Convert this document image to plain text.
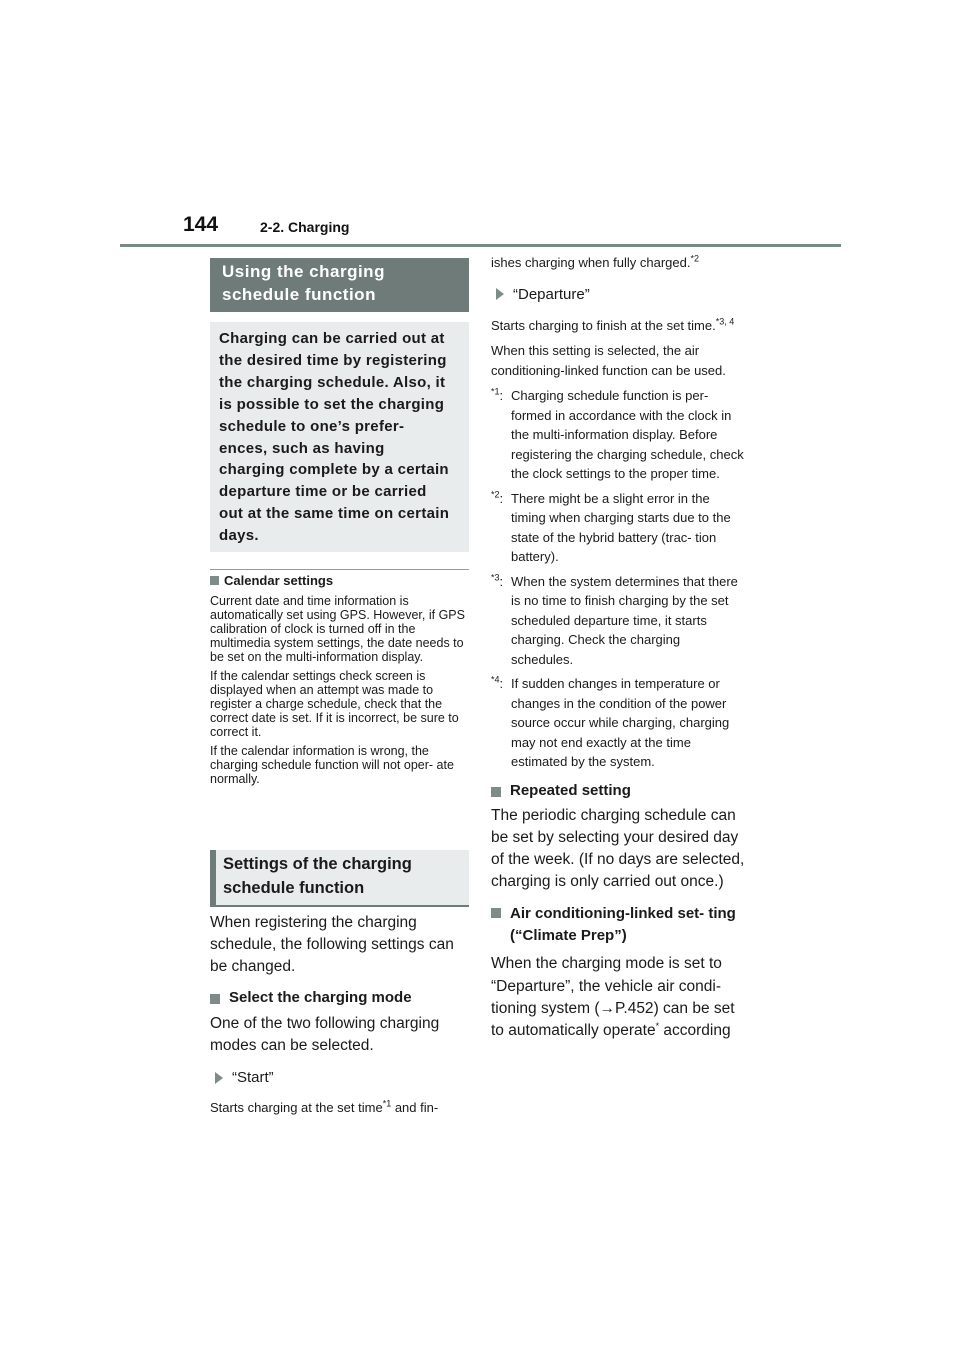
144	2-2. Charging
Using the charging
schedule function
Charging can be carried out at
the desired time by registering
the charging schedule. Also, it
is possible to set the charging
schedule to one’s prefer-
ences, such as having
charging complete by a certain
departure time or be carried
out at the same time on certain
days.
Calendar settings

Current date and time information is automatically set using GPS. However, if GPS calibration of clock is turned off in the multimedia system settings, the date needs to be set on the multi-information display.

If the calendar settings check screen is displayed when an attempt was made to register a charge schedule, check that the correct date is set. If it is incorrect, be sure to correct it.

If the calendar information is wrong, the charging schedule function will not oper- ate normally.

Settings of the charging
schedule function
When registering the charging schedule, the following settings can be changed.
Select the charging mode
One of the two following charging modes can be selected.
“Start”
Starts charging at the set time$^{*1}$ and fin-
ishes charging when fully charged.$^{*2}$
“Departure”
Starts charging to finish at the set time.$^{*3, 4}$
When this setting is selected, the air conditioning-linked function can be used.
$^{*1}$: Charging schedule function is per- formed in accordance with the clock in the multi-information display. Before registering the charging schedule, check the clock settings to the proper time.
$^{*2}$: There might be a slight error in the timing when charging starts due to the state of the hybrid battery (trac- tion battery).
$^{*3}$: When the system determines that there is no time to finish charging by the set scheduled departure time, it starts charging. Check the charging schedules.
$^{*4}$: If sudden changes in temperature or changes in the condition of the power source occur while charging, charging may not end exactly at the time estimated by the system.
Repeated setting
The periodic charging schedule can be set by selecting your desired day of the week. (If no days are selected, charging is only carried out once.)
Air conditioning-linked set- ting (“Climate Prep”)
When the charging mode is set to “Departure”, the vehicle air condi- tioning system (→P.452) can be set to automatically operate* according
